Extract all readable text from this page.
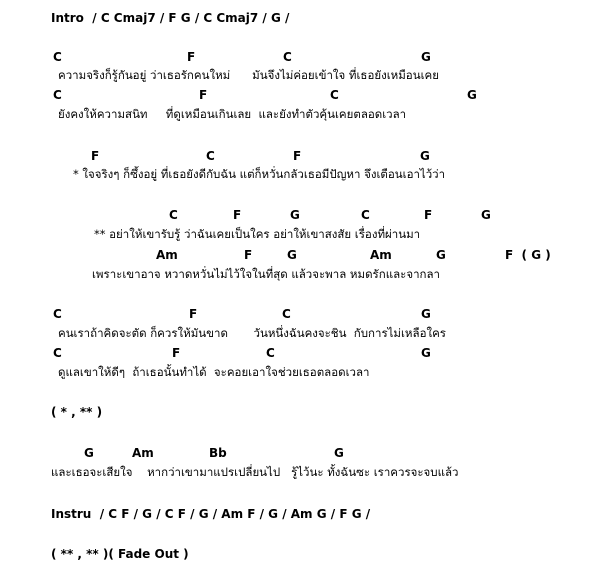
Intro  / C Cmaj7 / F G / C Cmaj7 / G /
C	F	C	G
ความจริงก็รู้กันอยู่ ว่าเธอรักคนใหม่      มันจึงไม่ค่อยเข้าใจ ที่เธอยังเหมือนเคย
C	F	C	G
ยังคงให้ความสนิท     ที่ดูเหมือนเกินเลย  และยังทำตัวคุ้นเคยตลอดเวลา
F	C	F	G
* ใจจริงๆ ก็ซึ้งอยู่ ที่เธอยังดีกับฉัน แต่ก็หวั่นกลัวเธอมีปัญหา จึงเตือนเอาไว้ว่า
C	F	G	C	F	G
** อย่าให้เขารับรู้ ว่าฉันเคยเป็นใคร อย่าให้เขาสงสัย เรื่องที่ผ่านมา
Am	F	G	Am	G	F  ( G )
เพราะเขาอาจ หวาดหวั่นไม่ไว้ใจในที่สุด แล้วจะพาล หมดรักและจากลา
C	F	C	G
คนเราถ้าคิดจะตัด ก็ควรให้มันขาด       วันหนึ่งฉันคงจะชิน  กับการไม่เหลือใคร
C	F	C	G
ดูแลเขาให้ดีๆ  ถ้าเธอนั้นทำได้  จะคอยเอาใจช่วยเธอตลอดเวลา
( * , ** )
G	Am	Bb	G
และเธอจะเสียใจ    หากว่าเขามาแปรเปลี่ยนไป   รู้ไว้นะ ทั้งฉันซะ เราควรจะจบแล้ว
Instru  / C F / G / C F / G / Am F / G / Am G / F G /
( ** , ** )( Fade Out )
